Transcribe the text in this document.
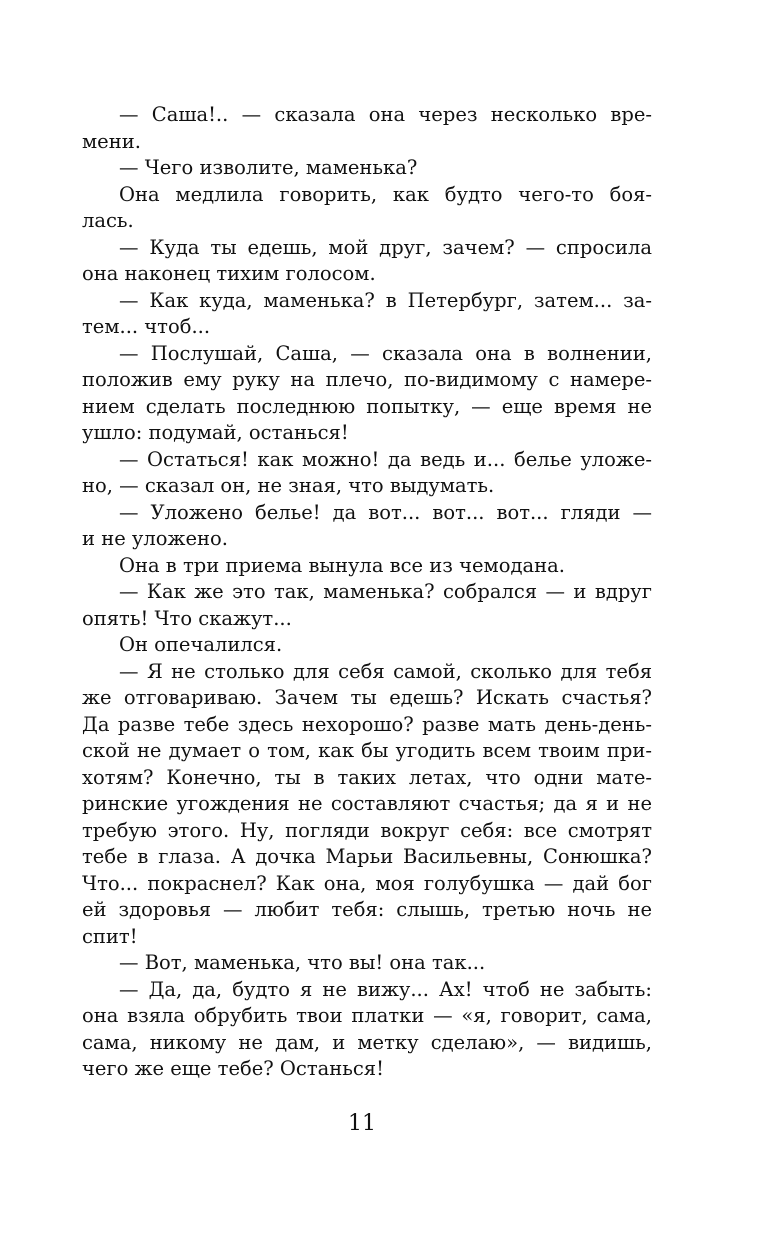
— Саша!.. — сказала она через несколько вре-
мени.
— Чего изволите, маменька?
Она медлила говорить, как будто чего-то боя-
лась.
— Куда ты едешь, мой друг, зачем? — спросила
она наконец тихим голосом.
— Как куда, маменька? в Петербург, затем... за-
тем... чтоб...
— Послушай, Саша, — сказала она в волнении,
положив ему руку на плечо, по-видимому с намере-
нием сделать последнюю попытку, — еще время не
ушло: подумай, останься!
— Остаться! как можно! да ведь и... белье уложе-
но, — сказал он, не зная, что выдумать.
— Уложено белье! да вот... вот... вот... гляди —
и не уложено.
Она в три приема вынула все из чемодана.
— Как же это так, маменька? собрался — и вдруг
опять! Что скажут...
Он опечалился.
— Я не столько для себя самой, сколько для тебя
же отговариваю. Зачем ты едешь? Искать счастья?
Да разве тебе здесь нехорошо? разве мать день-день-
ской не думает о том, как бы угодить всем твоим при-
хотям? Конечно, ты в таких летах, что одни мате-
ринские угождения не составляют счастья; да я и не
требую этого. Ну, погляди вокруг себя: все смотрят
тебе в глаза. А дочка Марьи Васильевны, Сонюшка?
Что... покраснел? Как она, моя голубушка — дай бог
ей здоровья — любит тебя: слышь, третью ночь не
спит!
— Вот, маменька, что вы! она так...
— Да, да, будто я не вижу... Ах! чтоб не забыть:
она взяла обрубить твои платки — «я, говорит, сама,
сама, никому не дам, и метку сделаю», — видишь,
чего же еще тебе? Останься!
11
